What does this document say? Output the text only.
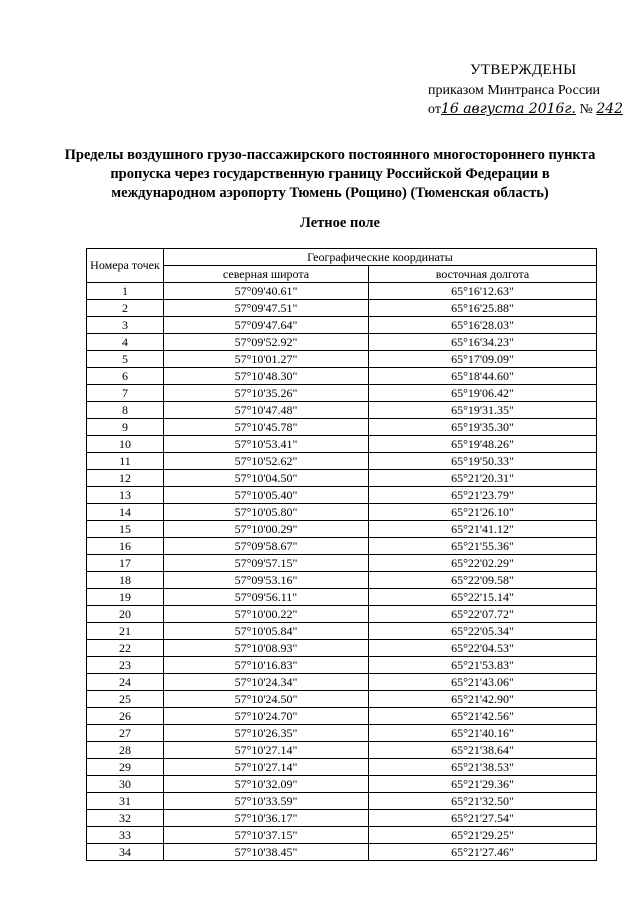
УТВЕРЖДЕНЫ
приказом Минтранса России
от16 августа 2016г. № 242
Пределы воздушного грузо-пассажирского постоянного многостороннего пункта пропуска через государственную границу Российской Федерации в международном аэропорту Тюмень (Рощино) (Тюменская область)
Летное поле
Номера точек	Географические координаты	
	северная широта	восточная долгота
1	57°09'40.61"	65°16'12.63"
2	57°09'47.51"	65°16'25.88"
3	57°09'47.64"	65°16'28.03"
4	57°09'52.92"	65°16'34.23"
5	57°10'01.27"	65°17'09.09"
6	57°10'48.30"	65°18'44.60"
7	57°10'35.26"	65°19'06.42"
8	57°10'47.48"	65°19'31.35"
9	57°10'45.78"	65°19'35.30"
10	57°10'53.41"	65°19'48.26"
11	57°10'52.62"	65°19'50.33"
12	57°10'04.50"	65°21'20.31"
13	57°10'05.40"	65°21'23.79"
14	57°10'05.80"	65°21'26.10"
15	57°10'00.29"	65°21'41.12"
16	57°09'58.67"	65°21'55.36"
17	57°09'57.15"	65°22'02.29"
18	57°09'53.16"	65°22'09.58"
19	57°09'56.11"	65°22'15.14"
20	57°10'00.22"	65°22'07.72"
21	57°10'05.84"	65°22'05.34"
22	57°10'08.93"	65°22'04.53"
23	57°10'16.83"	65°21'53.83"
24	57°10'24.34"	65°21'43.06"
25	57°10'24.50"	65°21'42.90"
26	57°10'24.70"	65°21'42.56"
27	57°10'26.35"	65°21'40.16"
28	57°10'27.14"	65°21'38.64"
29	57°10'27.14"	65°21'38.53"
30	57°10'32.09"	65°21'29.36"
31	57°10'33.59"	65°21'32.50"
32	57°10'36.17"	65°21'27.54"
33	57°10'37.15"	65°21'29.25"
34	57°10'38.45"	65°21'27.46"
